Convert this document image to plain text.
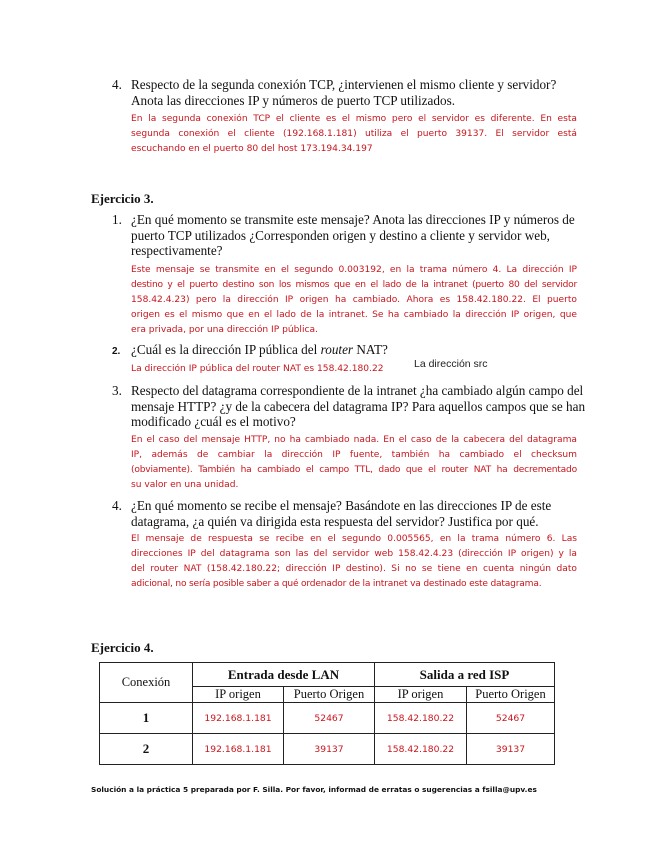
4. Respecto de la segunda conexión TCP, ¿intervienen el mismo cliente y servidor?
Anota las direcciones IP y números de puerto TCP utilizados.
En la segunda conexión TCP el cliente es el mismo pero el servidor es diferente. En esta
segunda conexión el cliente (192.168.1.181) utiliza el puerto 39137. El servidor está
escuchando en el puerto 80 del host 173.194.34.197
Ejercicio 3.
1. ¿En qué momento se transmite este mensaje? Anota las direcciones IP y números de
puerto TCP utilizados ¿Corresponden origen y destino a cliente y servidor web,
respectivamente?
Este mensaje se transmite en el segundo 0.003192, en la trama número 4. La dirección IP
destino y el puerto destino son los mismos que en el lado de la intranet (puerto 80 del servidor
158.42.4.23) pero la dirección IP origen ha cambiado. Ahora es 158.42.180.22. El puerto
origen es el mismo que en el lado de la intranet. Se ha cambiado la dirección IP origen, que
era privada, por una dirección IP pública.
2. ¿Cuál es la dirección IP pública del router NAT?
La dirección IP pública del router NAT es 158.42.180.22	La dirección src
3. Respecto del datagrama correspondiente de la intranet ¿ha cambiado algún campo del
mensaje HTTP? ¿y de la cabecera del datagrama IP? Para aquellos campos que se han
modificado ¿cuál es el motivo?
En el caso del mensaje HTTP, no ha cambiado nada. En el caso de la cabecera del datagrama
IP, además de cambiar la dirección IP fuente, también ha cambiado el checksum
(obviamente). También ha cambiado el campo TTL, dado que el router NAT ha decrementado
su valor en una unidad.
4. ¿En qué momento se recibe el mensaje? Basándote en las direcciones IP de este
datagrama, ¿a quién va dirigida esta respuesta del servidor? Justifica por qué.
El mensaje de respuesta se recibe en el segundo 0.005565, en la trama número 6. Las
direcciones IP del datagrama son las del servidor web 158.42.4.23 (dirección IP origen) y la
del router NAT (158.42.180.22; dirección IP destino). Si no se tiene en cuenta ningún dato
adicional, no sería posible saber a qué ordenador de la intranet va destinado este datagrama.
Ejercicio 4.
Conexión	Entrada desde LAN		Salida a red ISP	
	IP origen	Puerto Origen	IP origen	Puerto Origen
1	192.168.1.181	52467	158.42.180.22	52467
2	192.168.1.181	39137	158.42.180.22	39137
Solución a la práctica 5 preparada por F. Silla. Por favor, informad de erratas o sugerencias a fsilla@upv.es
